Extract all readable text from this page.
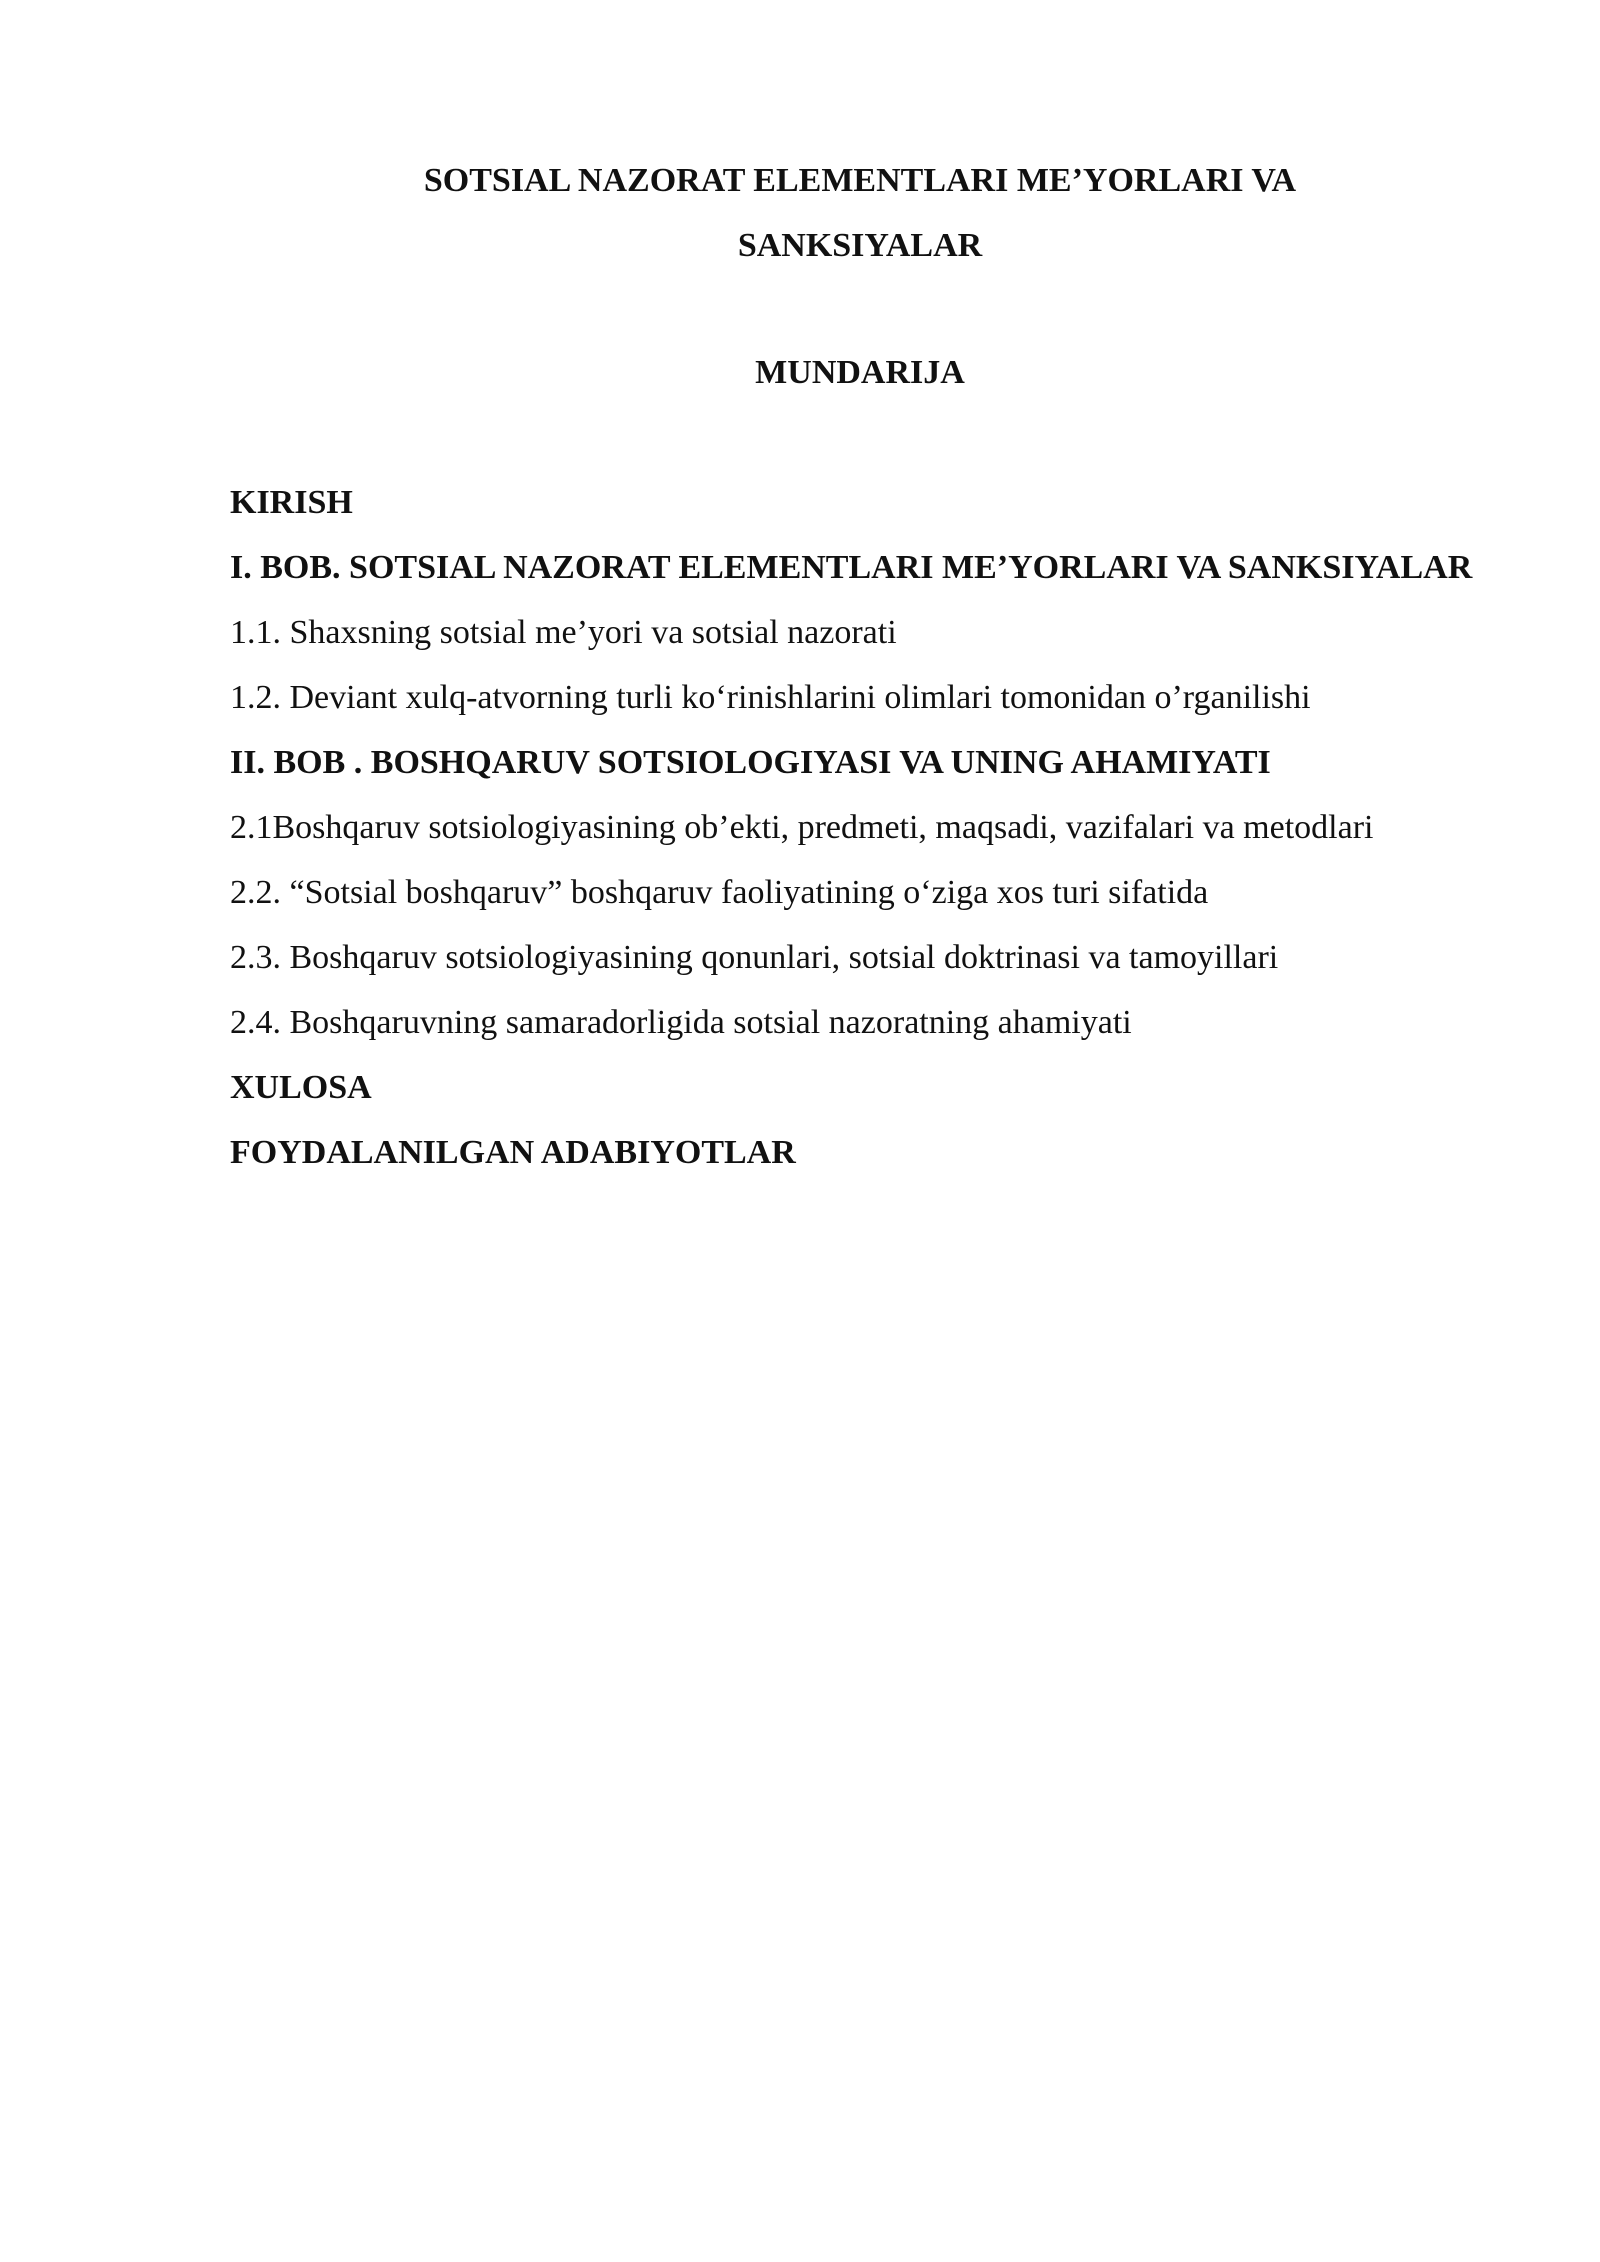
SOTSIAL NAZORAT ELEMENTLARI ME’YORLARI VA
SANKSIYALAR
MUNDARIJA
KIRISH
I. BOB. SOTSIAL NAZORAT ELEMENTLARI ME’YORLARI VA SANKSIYALAR
1.1. Shaxsning sotsial me’yori va sotsial nazorati
1.2. Deviant xulq-atvorning turli ko‘rinishlarini olimlari tomonidan o’rganilishi
II. BOB . BOSHQARUV SOTSIOLOGIYASI VA UNING AHAMIYATI
2.1Boshqaruv sotsiologiyasining ob’ekti, predmeti, maqsadi, vazifalari va metodlari
2.2. “Sotsial boshqaruv” boshqaruv faoliyatining o‘ziga xos turi sifatida
2.3. Boshqaruv sotsiologiyasining qonunlari, sotsial doktrinasi va tamoyillari
2.4. Boshqaruvning samaradorligida sotsial nazoratning ahamiyati
XULOSA
FOYDALANILGAN ADABIYOTLAR
